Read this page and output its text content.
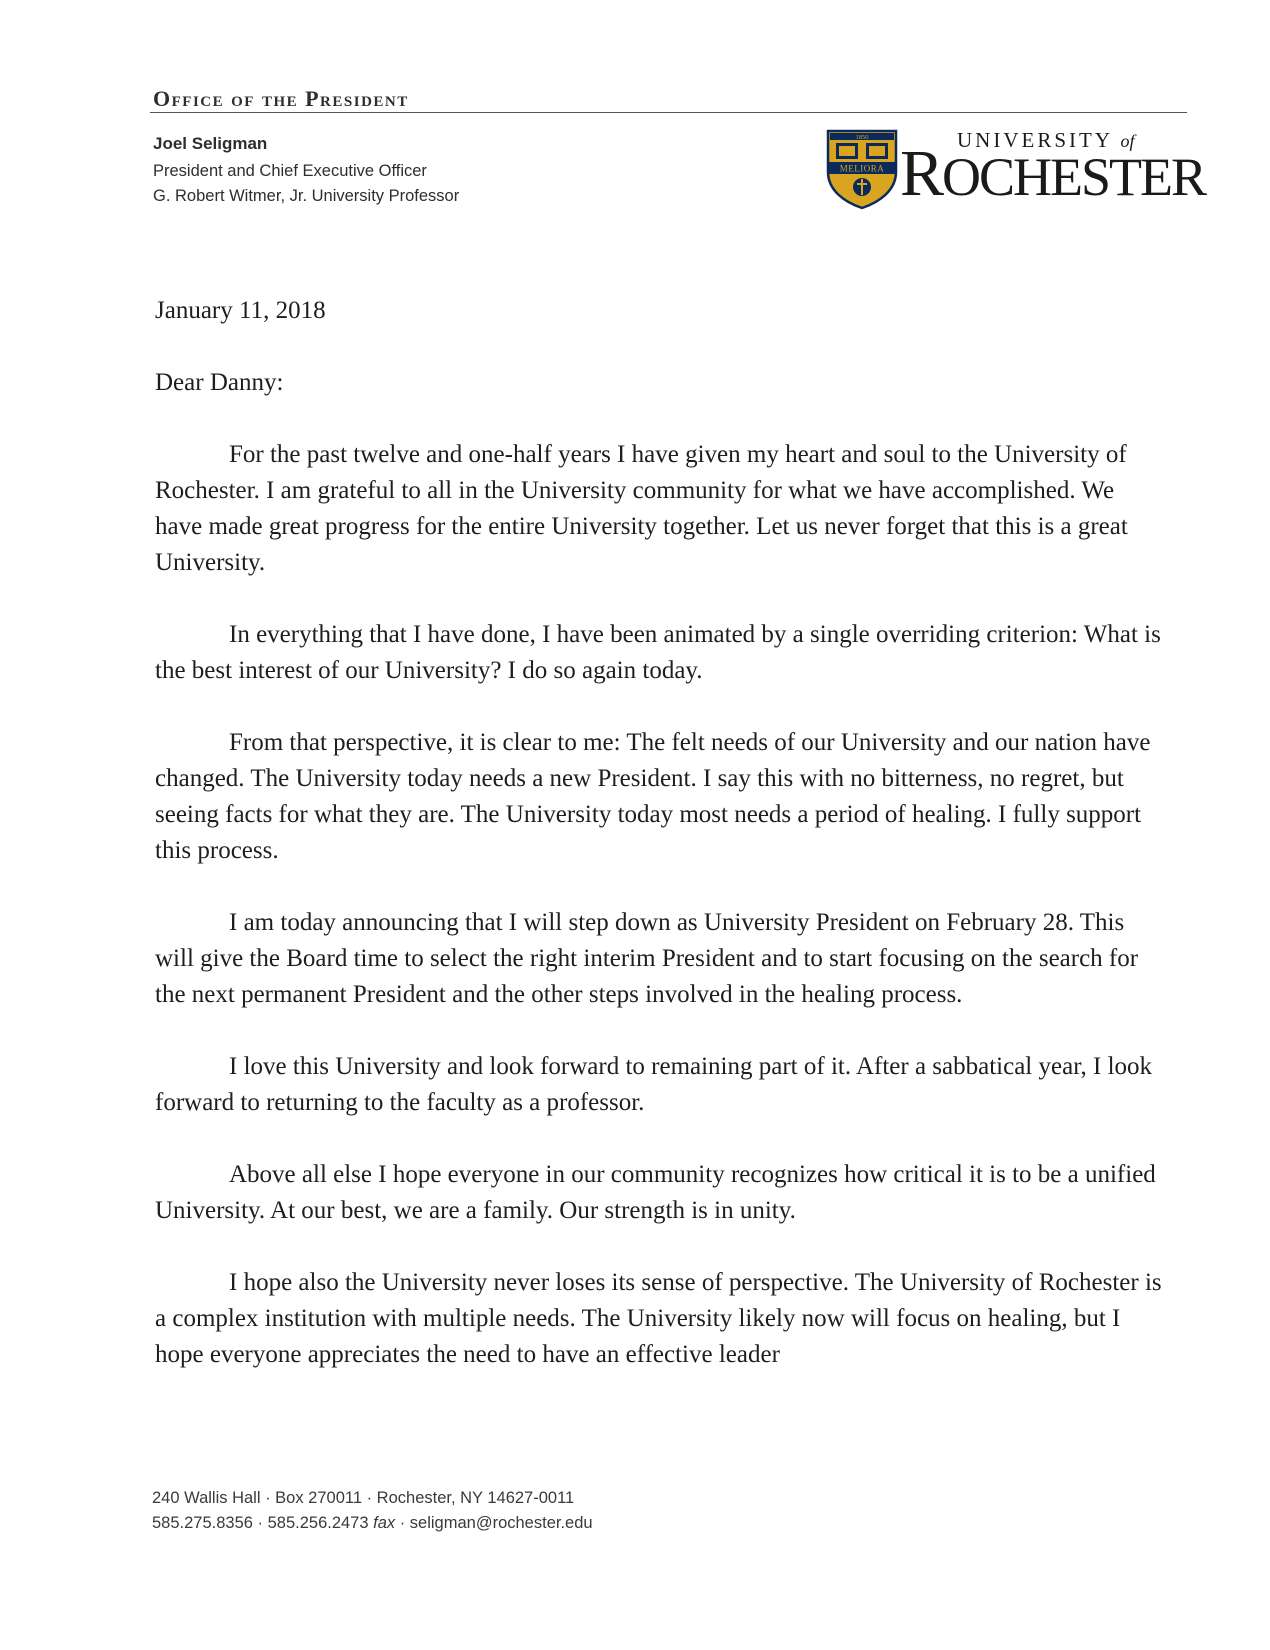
Office of the President

Joel Seligman

President and Chief Executive Officer

G. Robert Witmer, Jr. University Professor

1850
MELIORA
UNIVERSITY of
ROCHESTER

January 11, 2018

Dear Danny:

For the past twelve and one-half years I have given my heart and soul to the University of Rochester. I am grateful to all in the University community for what we have accomplished. We have made great progress for the entire University together. Let us never forget that this is a great University.

In everything that I have done, I have been animated by a single overriding criterion: What is the best interest of our University? I do so again today.

From that perspective, it is clear to me: The felt needs of our University and our nation have changed. The University today needs a new President. I say this with no bitterness, no regret, but seeing facts for what they are. The University today most needs a period of healing. I fully support this process.

I am today announcing that I will step down as University President on February 28. This will give the Board time to select the right interim President and to start focusing on the search for the next permanent President and the other steps involved in the healing process.

I love this University and look forward to remaining part of it. After a sabbatical year, I look forward to returning to the faculty as a professor.

Above all else I hope everyone in our community recognizes how critical it is to be a unified University. At our best, we are a family. Our strength is in unity.

I hope also the University never loses its sense of perspective. The University of Rochester is a complex institution with multiple needs. The University likely now will focus on healing, but I hope everyone appreciates the need to have an effective leader

240 Wallis Hall · Box 270011 · Rochester, NY 14627-0011

585.275.8356 · 585.256.2473 fax · seligman@rochester.edu
